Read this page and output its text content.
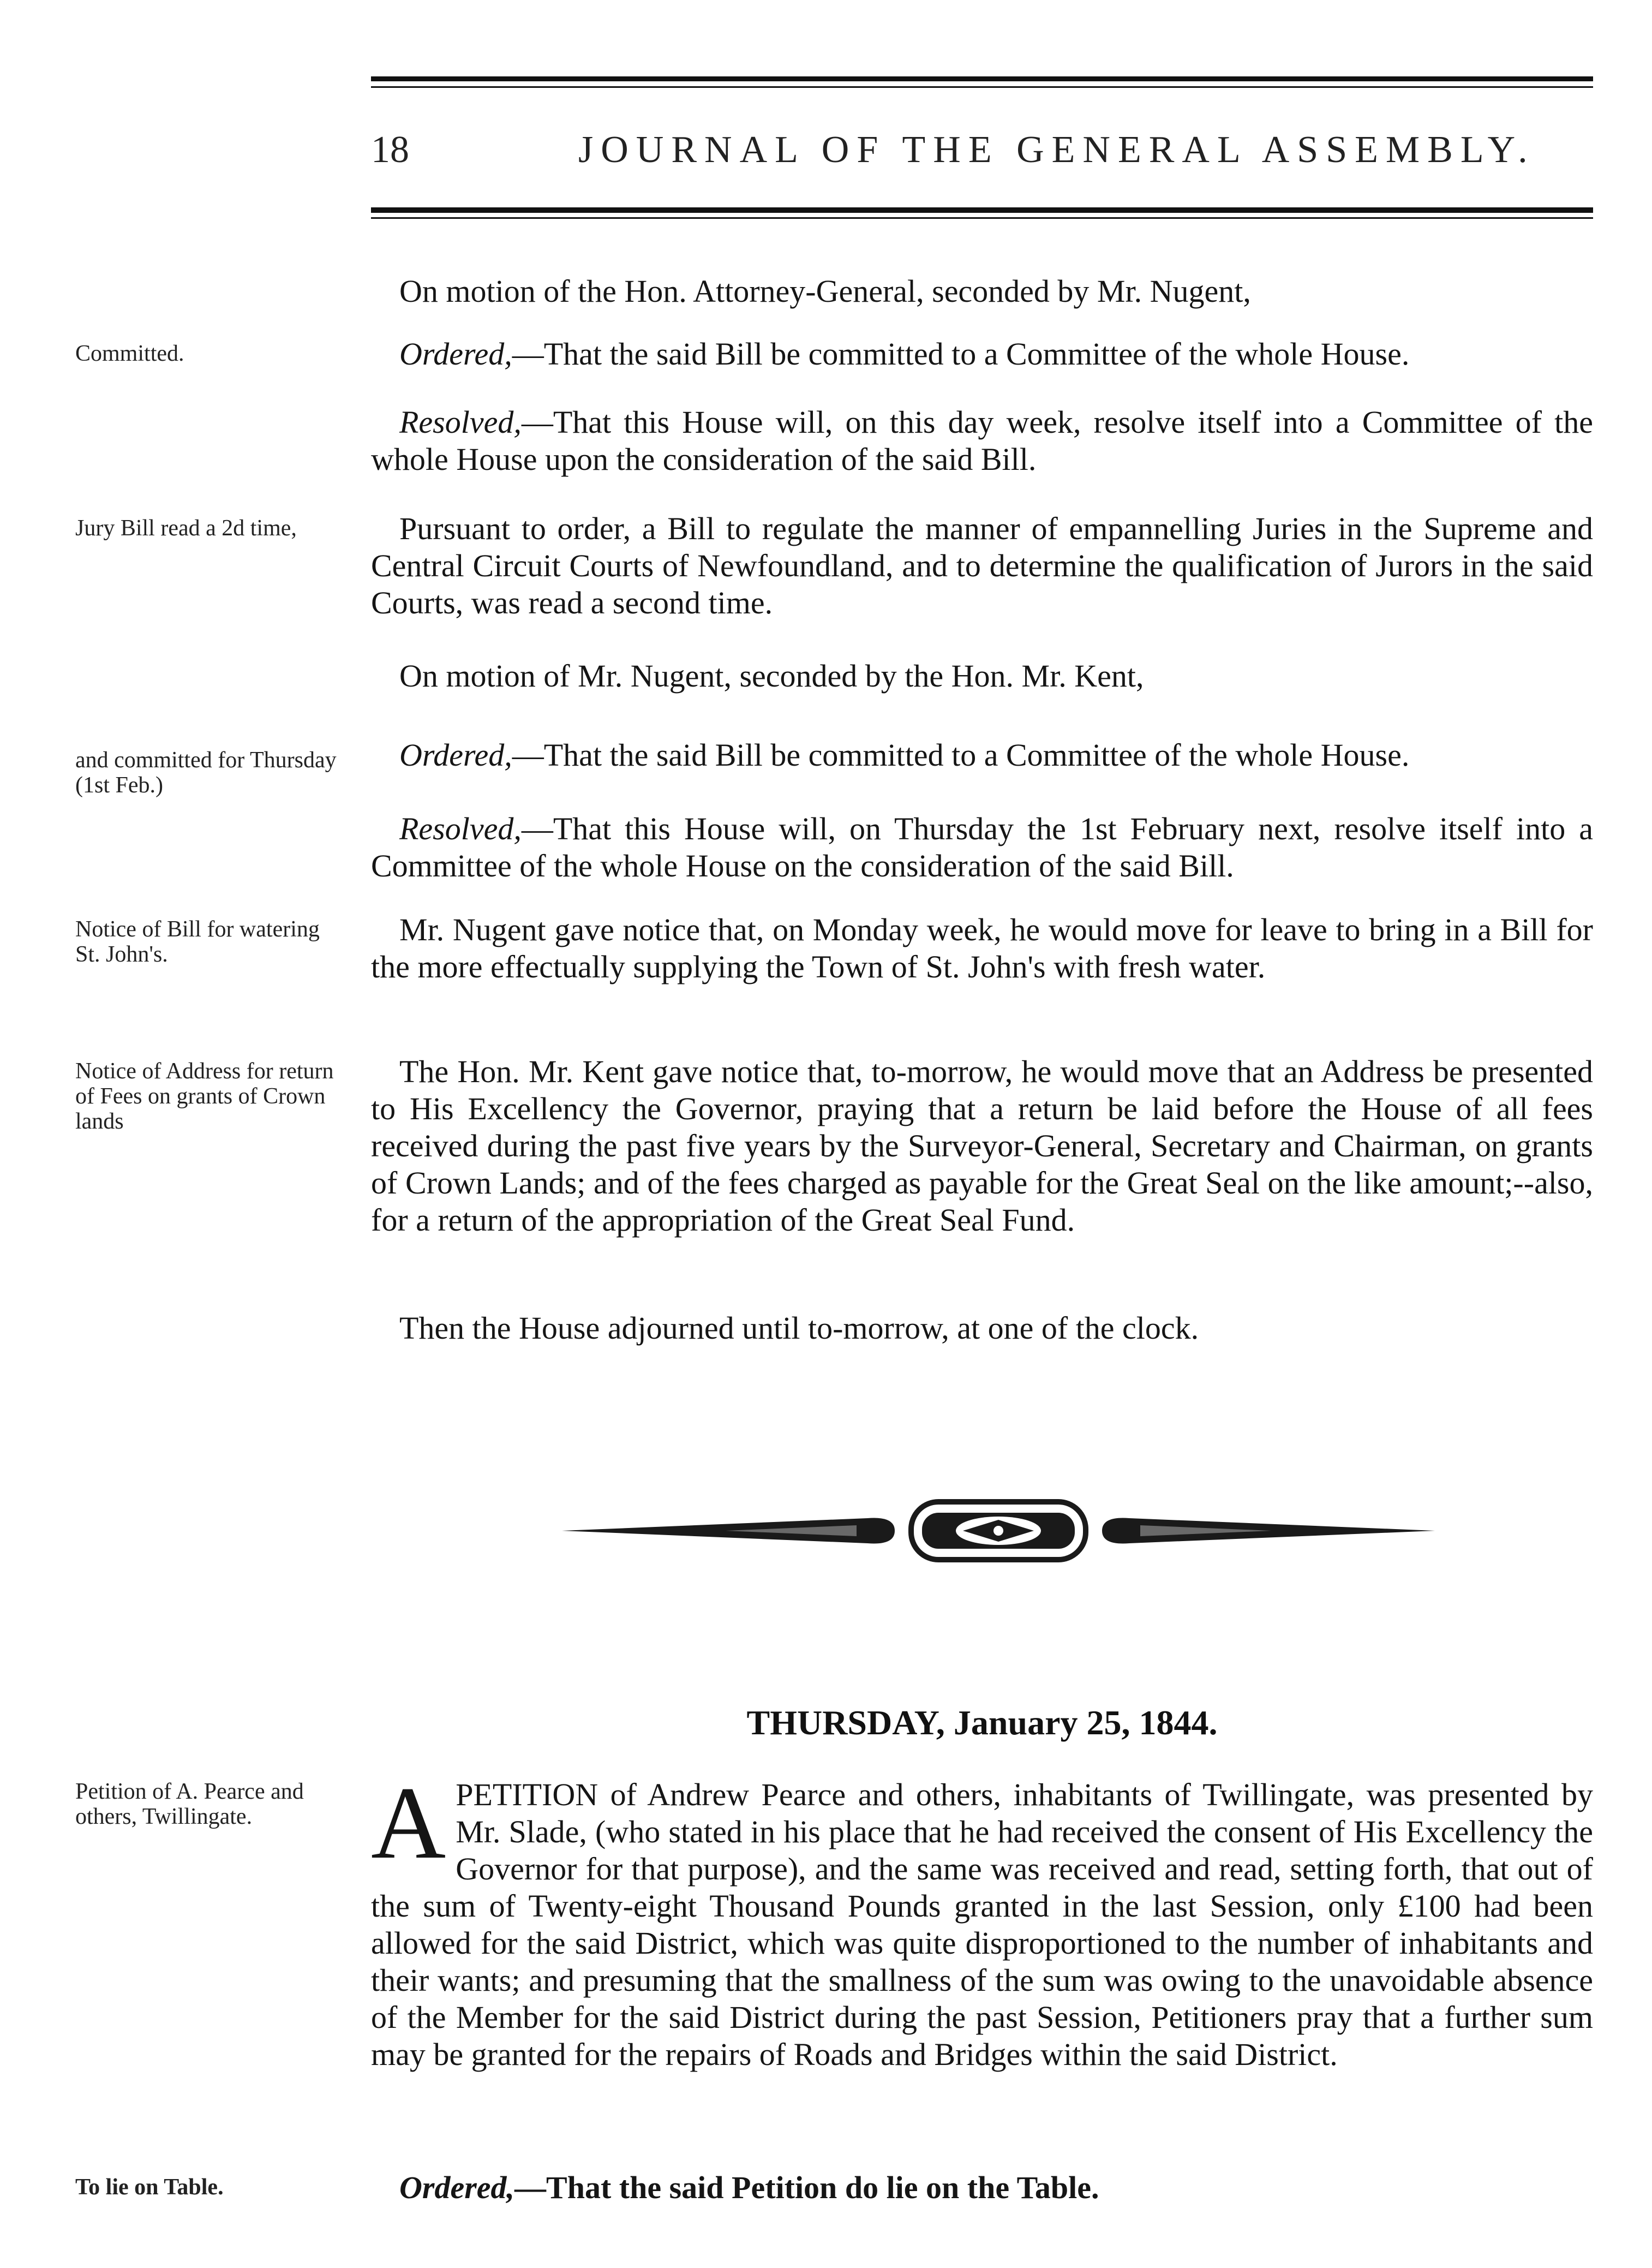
18	JOURNAL OF THE GENERAL ASSEMBLY.
On motion of the Hon. Attorney-General, seconded by Mr. Nugent,
Committed.	Ordered,—That the said Bill be committed to a Committee of the whole House.
Resolved,—That this House will, on this day week, resolve itself into a Committee of the whole House upon the consideration of the said Bill.
Jury Bill read a 2d time,	Pursuant to order, a Bill to regulate the manner of empannelling Juries in the Supreme and Central Circuit Courts of Newfoundland, and to determine the qualification of Jurors in the said Courts, was read a second time.
On motion of Mr. Nugent, seconded by the Hon. Mr. Kent,
and committed for Thursday (1st Feb.)
Ordered,—That the said Bill be committed to a Committee of the whole House.
Resolved,—That this House will, on Thursday the 1st February next, resolve itself into a Committee of the whole House on the consideration of the said Bill.
Notice of Bill for watering St. John's.
Mr. Nugent gave notice that, on Monday week, he would move for leave to bring in a Bill for the more effectually supplying the Town of St. John's with fresh water.
Notice of Address for return of Fees on grants of Crown lands
The Hon. Mr. Kent gave notice that, to-morrow, he would move that an Address be presented to His Excellency the Governor, praying that a return be laid before the House of all fees received during the past five years by the Surveyor-General, Secretary and Chairman, on grants of Crown Lands; and of the fees charged as payable for the Great Seal on the like amount;--also, for a return of the appropriation of the Great Seal Fund.
Then the House adjourned until to-morrow, at one of the clock.
THURSDAY, January 25, 1844.
Petition of A. Pearce and others, Twillingate.	APETITION of Andrew Pearce and others, inhabitants of Twillingate, was presented by Mr. Slade, (who stated in his place that he had received the consent of His Excellency the Governor for that purpose), and the same was received and read, setting forth, that out of the sum of Twenty-eight Thousand Pounds granted in the last Session, only £100 had been allowed for the said District, which was quite disproportioned to the number of inhabitants and their wants; and presuming that the smallness of the sum was owing to the unavoidable absence of the Member for the said District during the past Session, Petitioners pray that a further sum may be granted for the repairs of Roads and Bridges within the said District.
To lie on Table.	Ordered,—That the said Petition do lie on the Table.
